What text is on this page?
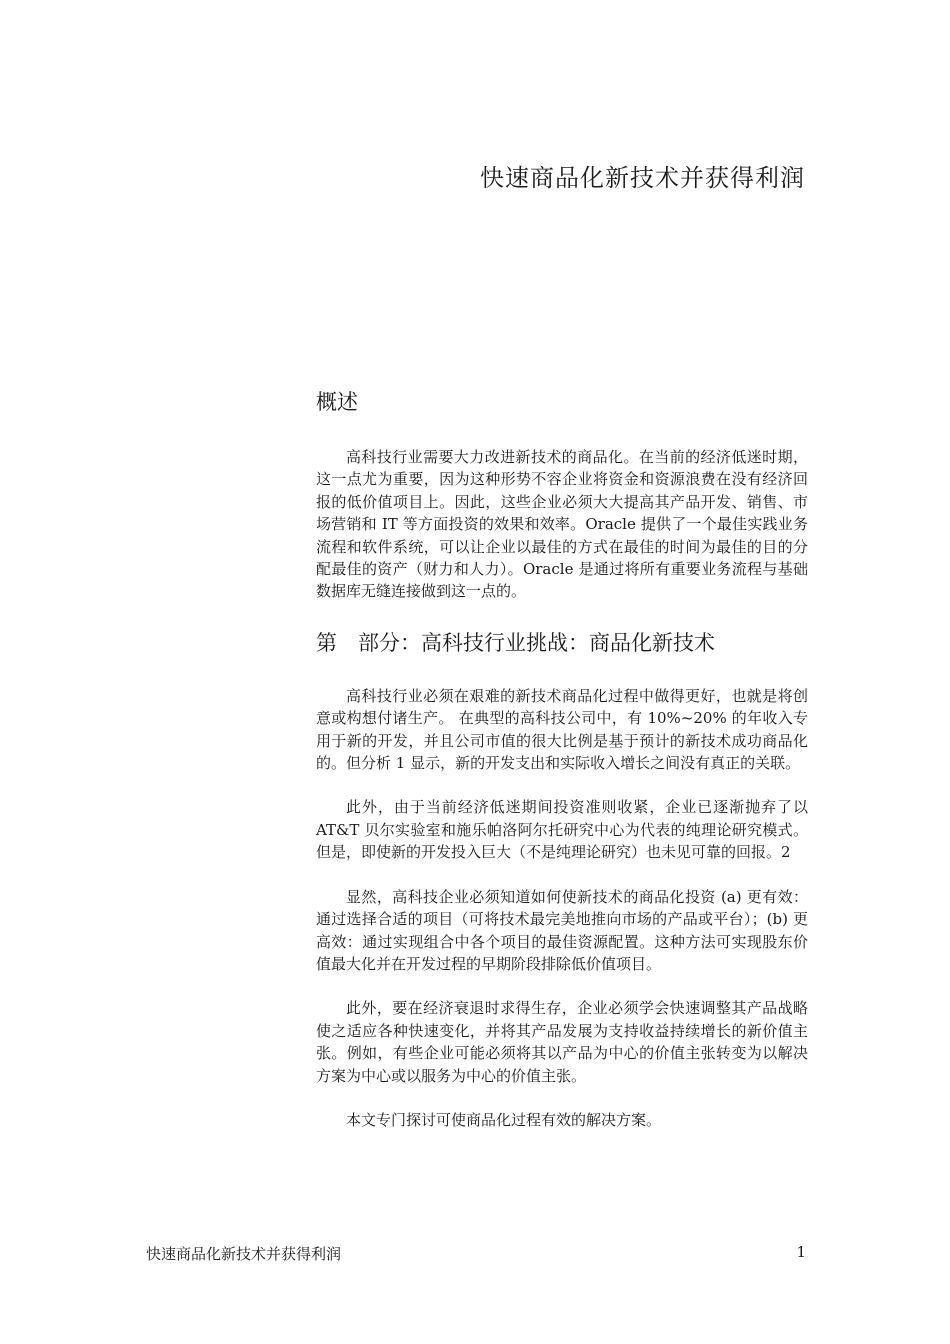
快速商品化新技术并获得利润
概述

高科技行业需要大力改进新技术的商品化。在当前的经济低迷时期，这一点尤为重要，因为这种形势不容企业将资金和资源浪费在没有经济回报的低价值项目上。因此，这些企业必须大大提高其产品开发、销售、市场营销和 IT 等方面投资的效果和效率。Oracle 提供了一个最佳实践业务流程和软件系统，可以让企业以最佳的方式在最佳的时间为最佳的目的分配最佳的资产（财力和人力）。Oracle 是通过将所有重要业务流程与基础数据库无缝连接做到这一点的。

第　部分：高科技行业挑战：商品化新技术

高科技行业必须在艰难的新技术商品化过程中做得更好，也就是将创意或构想付诸生产。 在典型的高科技公司中，有 10%~20% 的年收入专用于新的开发，并且公司市值的很大比例是基于预计的新技术成功商品化的。但分析 1 显示，新的开发支出和实际收入增长之间没有真正的关联。

此外，由于当前经济低迷期间投资准则收紧，企业已逐渐抛弃了以 AT&T 贝尔实验室和施乐帕洛阿尔托研究中心为代表的纯理论研究模式。但是，即使新的开发投入巨大（不是纯理论研究）也未见可靠的回报。2

显然，高科技企业必须知道如何使新技术的商品化投资 (a) 更有效：通过选择合适的项目（可将技术最完美地推向市场的产品或平台）；(b) 更高效：通过实现组合中各个项目的最佳资源配置。这种方法可实现股东价值最大化并在开发过程的早期阶段排除低价值项目。

此外，要在经济衰退时求得生存，企业必须学会快速调整其产品战略使之适应各种快速变化，并将其产品发展为支持收益持续增长的新价值主张。例如，有些企业可能必须将其以产品为中心的价值主张转变为以解决方案为中心或以服务为中心的价值主张。

本文专门探讨可使商品化过程有效的解决方案。

快速商品化新技术并获得利润	1
